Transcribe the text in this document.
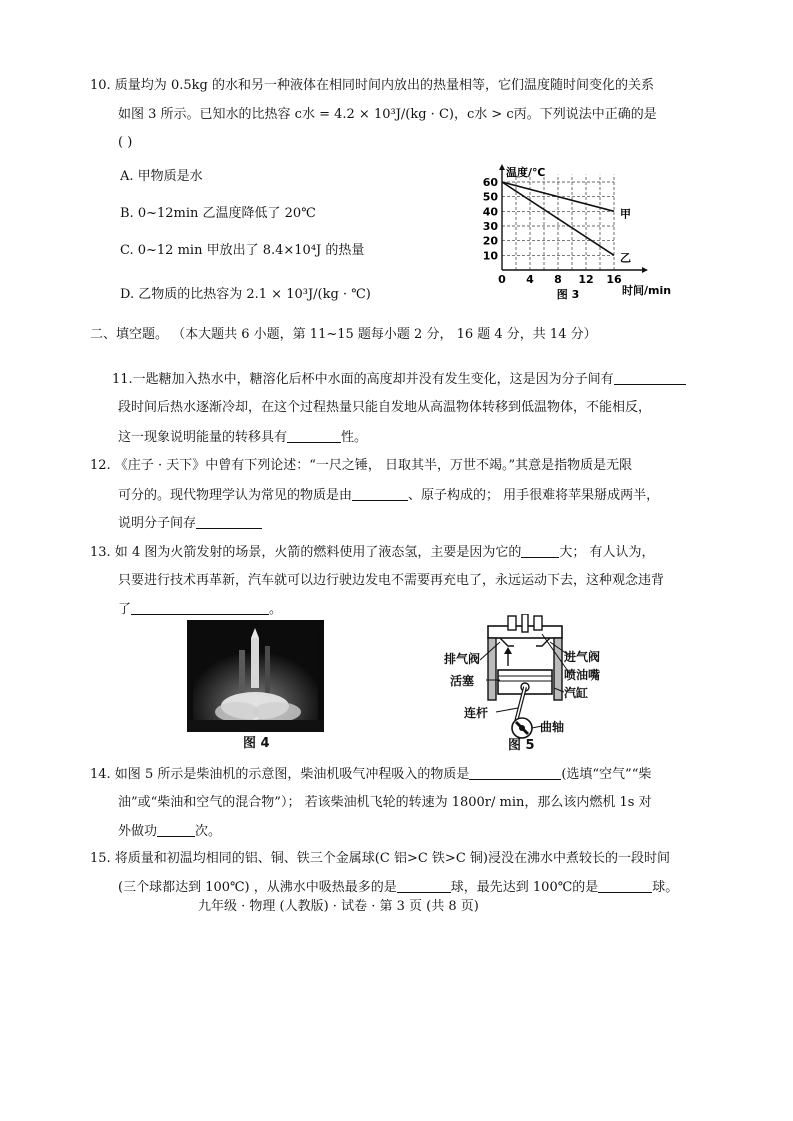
10. 质量均为 0.5kg 的水和另一种液体在相同时间内放出的热量相等，它们温度随时间变化的关系
如图 3 所示。已知水的比热容 c水 = 4.2 × 10³J/(kg · C)，c水 > c丙。下列说法中正确的是
( )
A. 甲物质是水
B. 0~12min 乙温度降低了 20℃
C. 0~12 min 甲放出了 8.4×10⁴J 的热量
D. 乙物质的比热容为 2.1 × 10³J/(kg · ℃)
0 4 8 12 16
10
20
30
40
50
60
温度/℃
时间/min
甲
乙
图 3
二、填空题。 （本大题共 6 小题，第 11~15 题每小题 2 分， 16 题 4 分，共 14 分）
11.一匙糖加入热水中，糖溶化后杯中水面的高度却并没有发生变化，这是因为分子间有
段时间后热水逐渐冷却，在这个过程热量只能自发地从高温物体转移到低温物体，不能相反，
这一现象说明能量的转移具有	性。
12. 《庄子 · 天下》中曾有下列论述：“一尺之锤， 日取其半，万世不竭。”其意是指物质是无限
可分的。现代物理学认为常见的物质是由	、原子构成的； 用手很难将苹果掰成两半，
说明分子间存
13. 如 4 图为火箭发射的场景，火箭的燃料使用了液态氢，主要是因为它的	大； 有人认为，
只要进行技术再革新，汽车就可以边行驶边发电不需要再充电了，永远运动下去，这种观念违背
了	。
图 4
排气阀	进气阀
喷油嘴
活塞
汽缸
连杆
曲轴
图 5
14. 如图 5 所示是柴油机的示意图，柴油机吸气冲程吸入的物质是	(选填“空气”“柴
油”或“柴油和空气的混合物”）； 若该柴油机飞轮的转速为 1800r/ min，那么该内燃机 1s 对
外做功	次。
15. 将质量和初温均相同的铝、铜、铁三个金属球(C 铝>C 铁>C 铜)浸没在沸水中煮较长的一段时间
(三个球都达到 100℃) ，从沸水中吸热最多的是	球，最先达到 100℃的是	球。
九年级 · 物理 (人教版) · 试卷 · 第 3 页 (共 8 页)
